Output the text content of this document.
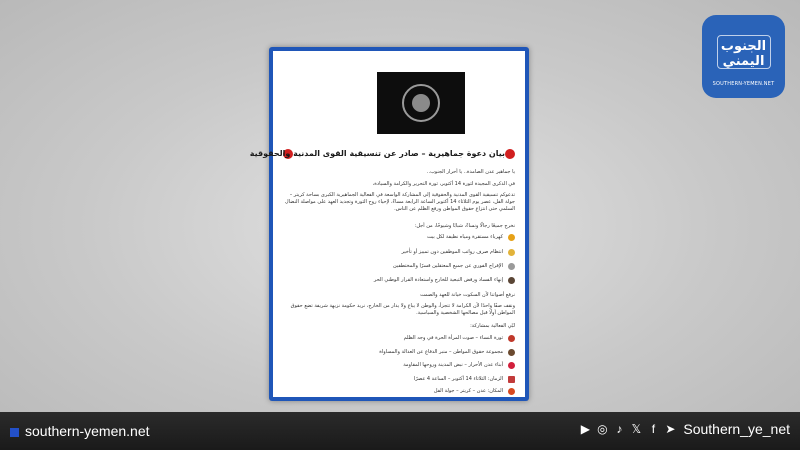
بيان دعوة جماهيرية – صادر عن تنسيقية القوى المدنية والحقوقية
يا جماهير عدن الصامدة.. يا أحرار الجنوب..
في الذكرى المجيدة لثورة 14 أكتوبر، ثورة التحرير والكرامة والسيادة،
تدعوكم تنسيقية القوى المدنية والحقوقية إلى المشاركة الواسعة في الفعالية الجماهيرية الكبرى بساحة كريتر – جولة الفل، عصر يوم الثلاثاء 14 أكتوبر الساعة الرابعة مساءً، لإحياء روح الثورة وتجديد العهد على مواصلة النضال السلمي حتى انتزاع حقوق المواطن ورفع الظلم عن الناس.
نخرج جميعًا رجالًا ونساءً، شبابًا وشيوخًا، من أجل:
كهرباء مستقرة ومياه نظيفة لكل بيت
انتظام صرف رواتب الموظفين دون تمييز أو تأخير
الإفراج الفوري عن جميع المعتقلين قسرًا والمختطفين
إنهاء الفساد ورفض التبعية للخارج واستعادة القرار الوطني الحر
نرفع أصواتنا لأن السكوت خيانة للعهد والصمت
ونقف صفًا واحدًا لأن الكرامة لا تتجزأ، والوطن لا يباع ولا يدار من الخارج، نريد حكومة نزيهة شريفة تضع حقوق المواطن أولًا قبل مصالحها الشخصية والسياسية.
لبّي الفعالية بمشاركة:
ثورة النساء – صوت المرأة الحرة في وجه الظلم
مجموعة حقوق المواطن – منبر الدفاع عن العدالة والمساواة
أبناء عدن الأحرار – نبض المدينة وروحها المقاومة
الزمان: الثلاثاء 14 أكتوبر – الساعة 4 عصرًا
المكان: عدن – كريتر – جولة الفل
الجنوب اليمني
SOUTHERN-YEMEN.NET
southern-yemen.net	▶ ◎ ♪ 𝕏 f ➤ Southern_ye_net
